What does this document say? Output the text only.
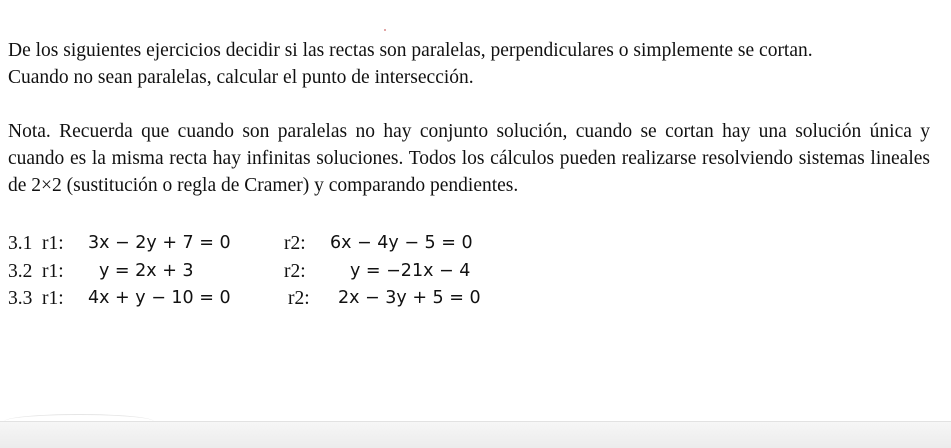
De los siguientes ejercicios decidir si las rectas son paralelas, perpendiculares o simplemente se cortan.

Cuando no sean paralelas, calcular el punto de intersección.

Nota. Recuerda que cuando son paralelas no hay conjunto solución, cuando se cortan hay una solución única y cuando es la misma recta hay infinitas soluciones. Todos los cálculos pueden realizarse resolviendo sistemas lineales de 2×2 (sustitución o regla de Cramer) y comparando pendientes.

3.1 r1: 3x − 2y + 7 = 0	r2: 6x − 4y − 5 = 0
3.2 r1: y = 2x + 3	r2:	y = −21x − 4
3.3 r1: 4x + y − 10 = 0	r2: 2x − 3y + 5 = 0
